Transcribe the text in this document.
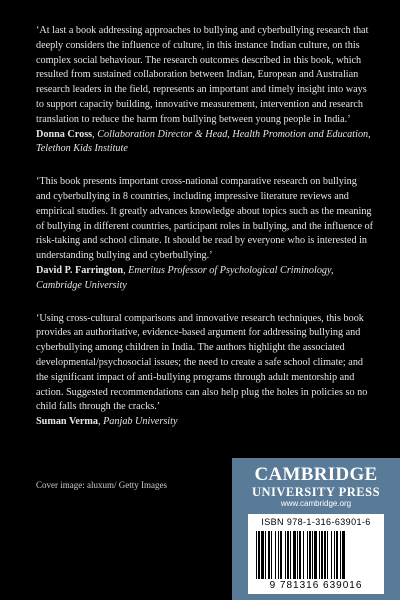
‘At last a book addressing approaches to bullying and cyberbullying research that deeply considers the influence of culture, in this instance Indian culture, on this complex social behaviour. The research outcomes described in this book, which resulted from sustained collaboration between Indian, European and Australian research leaders in the field, represents an important and timely insight into ways to support capacity building, innovative measurement, intervention and research translation to reduce the harm from bullying between young people in India.’

Donna Cross, Collaboration Director & Head, Health Promotion and Education, Telethon Kids Institute

‘This book presents important cross-national comparative research on bullying and cyberbullying in 8 countries, including impressive literature reviews and empirical studies. It greatly advances knowledge about topics such as the meaning of bullying in different countries, participant roles in bullying, and the influence of risk-taking and school climate. It should be read by everyone who is interested in understanding bullying and cyberbullying.’

David P. Farrington, Emeritus Professor of Psychological Criminology, Cambridge University

‘Using cross-cultural comparisons and innovative research techniques, this book provides an authoritative, evidence-based argument for addressing bullying and cyberbullying among children in India. The authors highlight the associated developmental/psychosocial issues; the need to create a safe school climate; and the significant impact of anti-bullying programs through adult mentorship and action. Suggested recommendations can also help plug the holes in policies so no child falls through the cracks.’

Suman Verma, Panjab University

Cover image: aluxum/ Getty Images	CAMBRIDGE
UNIVERSITY PRESS
www.cambridge.org
ISBN 978-1-316-63901-6
9 781316 639016
